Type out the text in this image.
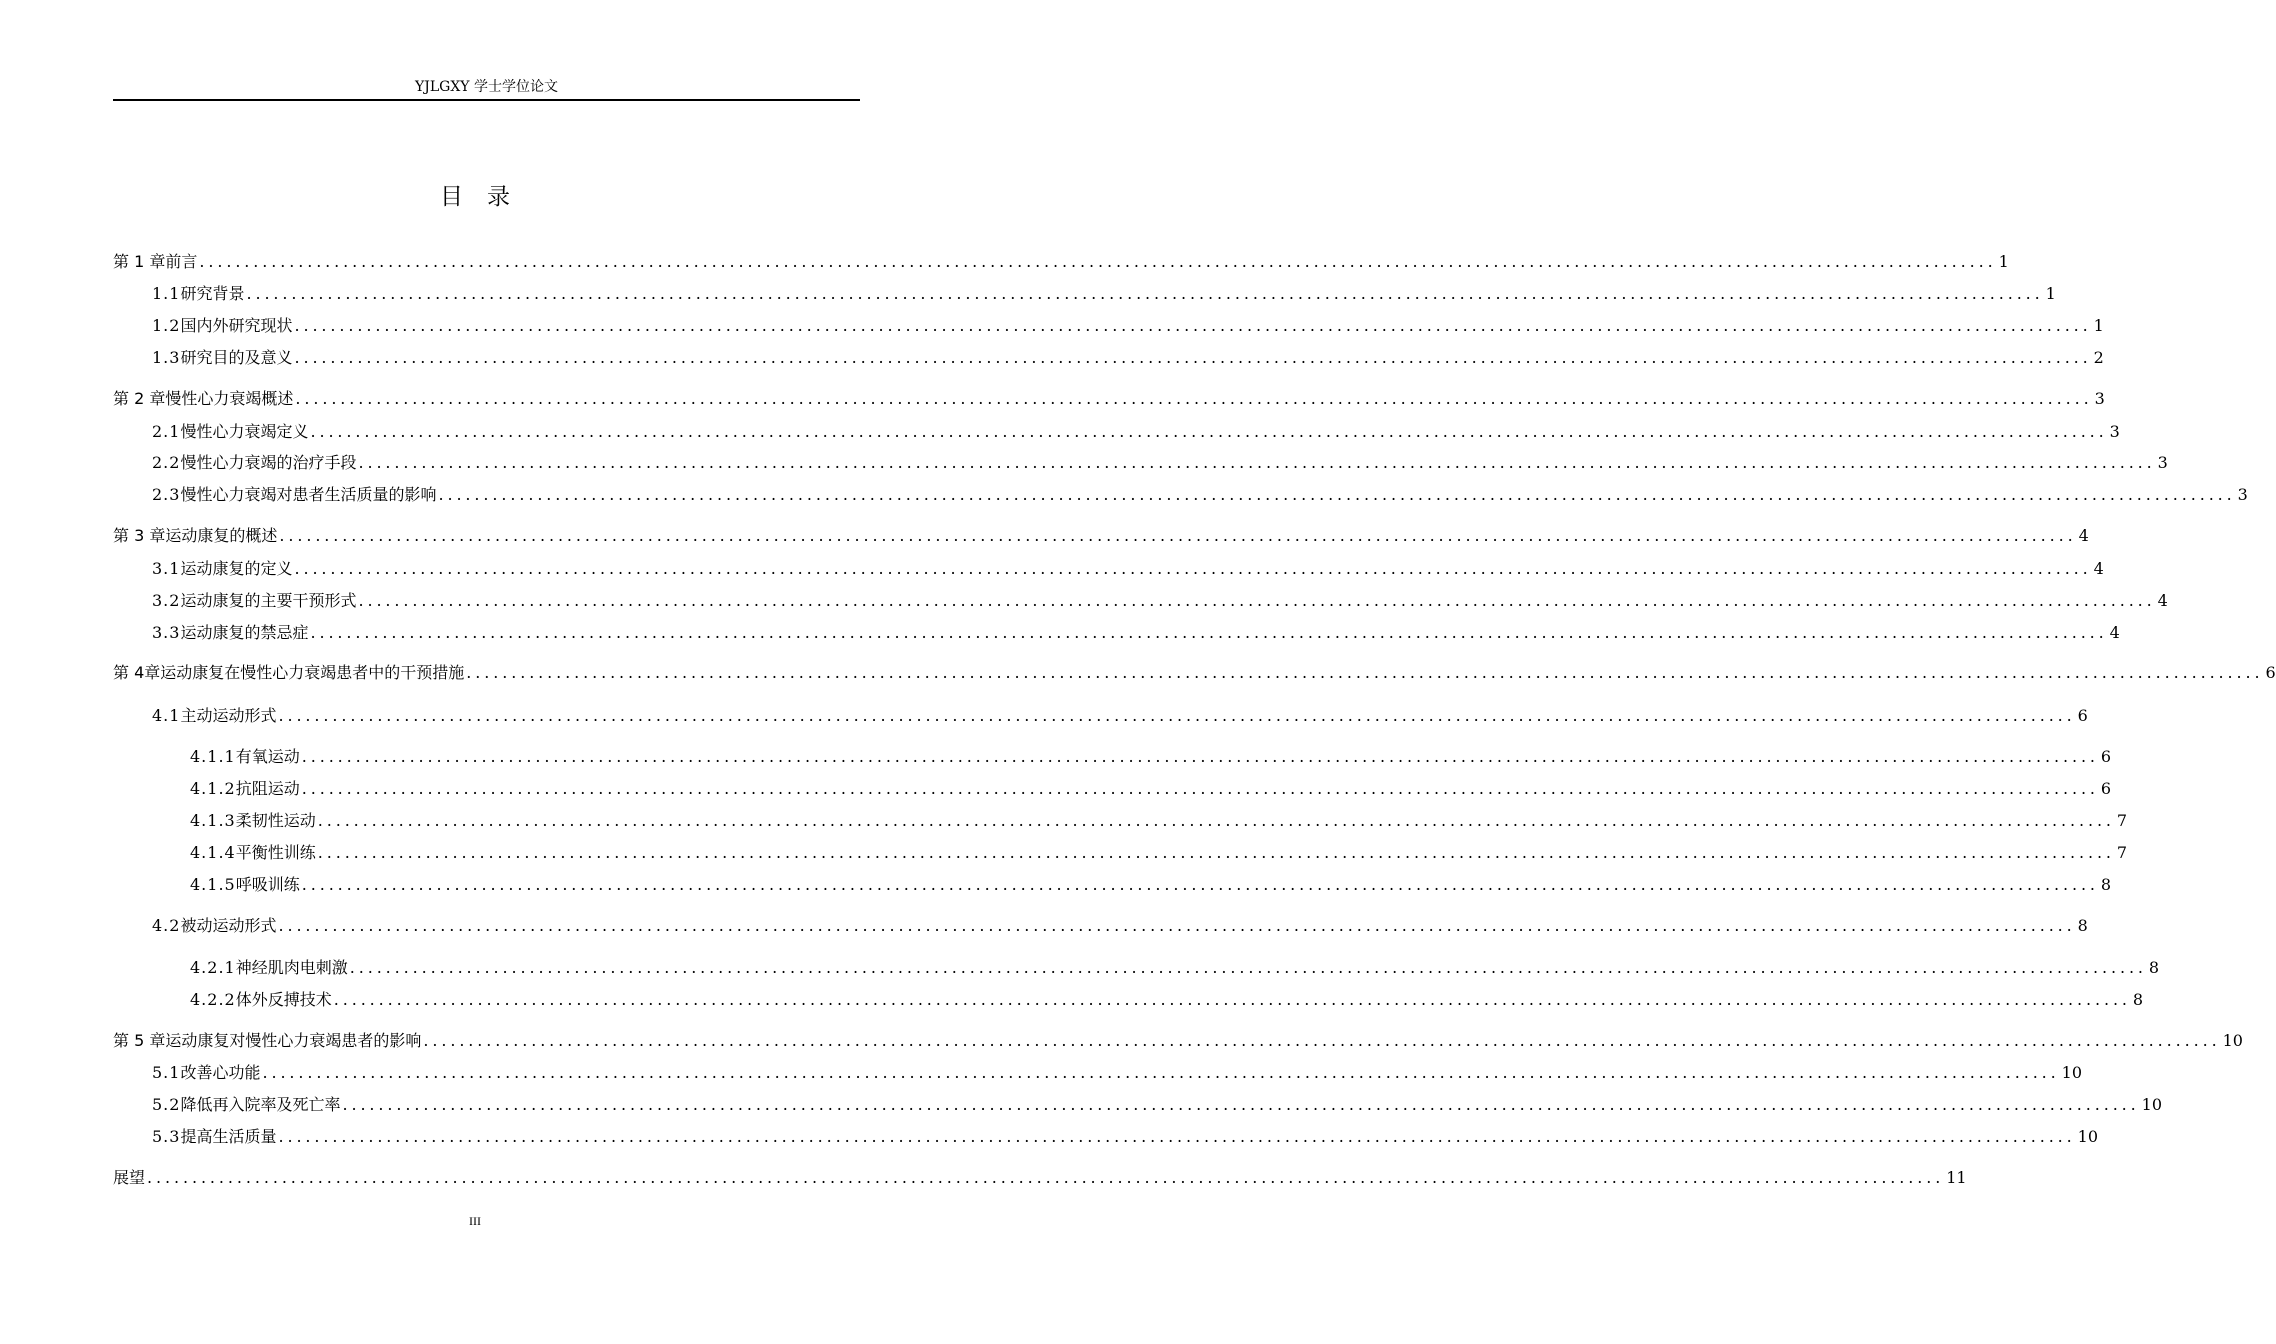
YJLGXY 学士学位论文
目录
第 1 章 前言 ........................................................................................................................................................................................................ 1
1.1 研究背景 ........................................................................................................................................................................................................ 1
1.2 国内外研究现状 ........................................................................................................................................................................................................ 1
1.3 研究目的及意义 ........................................................................................................................................................................................................ 2
第 2 章 慢性心力衰竭概述 ........................................................................................................................................................................................................ 3
2.1 慢性心力衰竭定义 ........................................................................................................................................................................................................ 3
2.2 慢性心力衰竭的治疗手段 ........................................................................................................................................................................................................ 3
2.3 慢性心力衰竭对患者生活质量的影响 ........................................................................................................................................................................................................ 3
第 3 章 运动康复的概述 ........................................................................................................................................................................................................ 4
3.1 运动康复的定义 ........................................................................................................................................................................................................ 4
3.2 运动康复的主要干预形式 ........................................................................................................................................................................................................ 4
3.3 运动康复的禁忌症 ........................................................................................................................................................................................................ 4
第 4 章运动康复在慢性心力衰竭患者中的干预措施 ........................................................................................................................................................................................................ 6
4.1 主动运动形式 ........................................................................................................................................................................................................ 6
4.1.1 有氧运动 ........................................................................................................................................................................................................ 6
4.1.2 抗阻运动 ........................................................................................................................................................................................................ 6
4.1.3 柔韧性运动 ........................................................................................................................................................................................................ 7
4.1.4 平衡性训练 ........................................................................................................................................................................................................ 7
4.1.5 呼吸训练 ........................................................................................................................................................................................................ 8
4.2 被动运动形式 ........................................................................................................................................................................................................ 8
4.2.1 神经肌肉电刺激 ........................................................................................................................................................................................................ 8
4.2.2 体外反搏技术 ........................................................................................................................................................................................................ 8
第 5 章 运动康复对慢性心力衰竭患者的影响 ........................................................................................................................................................................................................ 10
5.1 改善心功能 ........................................................................................................................................................................................................ 10
5.2 降低再入院率及死亡率 ........................................................................................................................................................................................................ 10
5.3 提高生活质量 ........................................................................................................................................................................................................ 10
展 望 ........................................................................................................................................................................................................ 11
III
